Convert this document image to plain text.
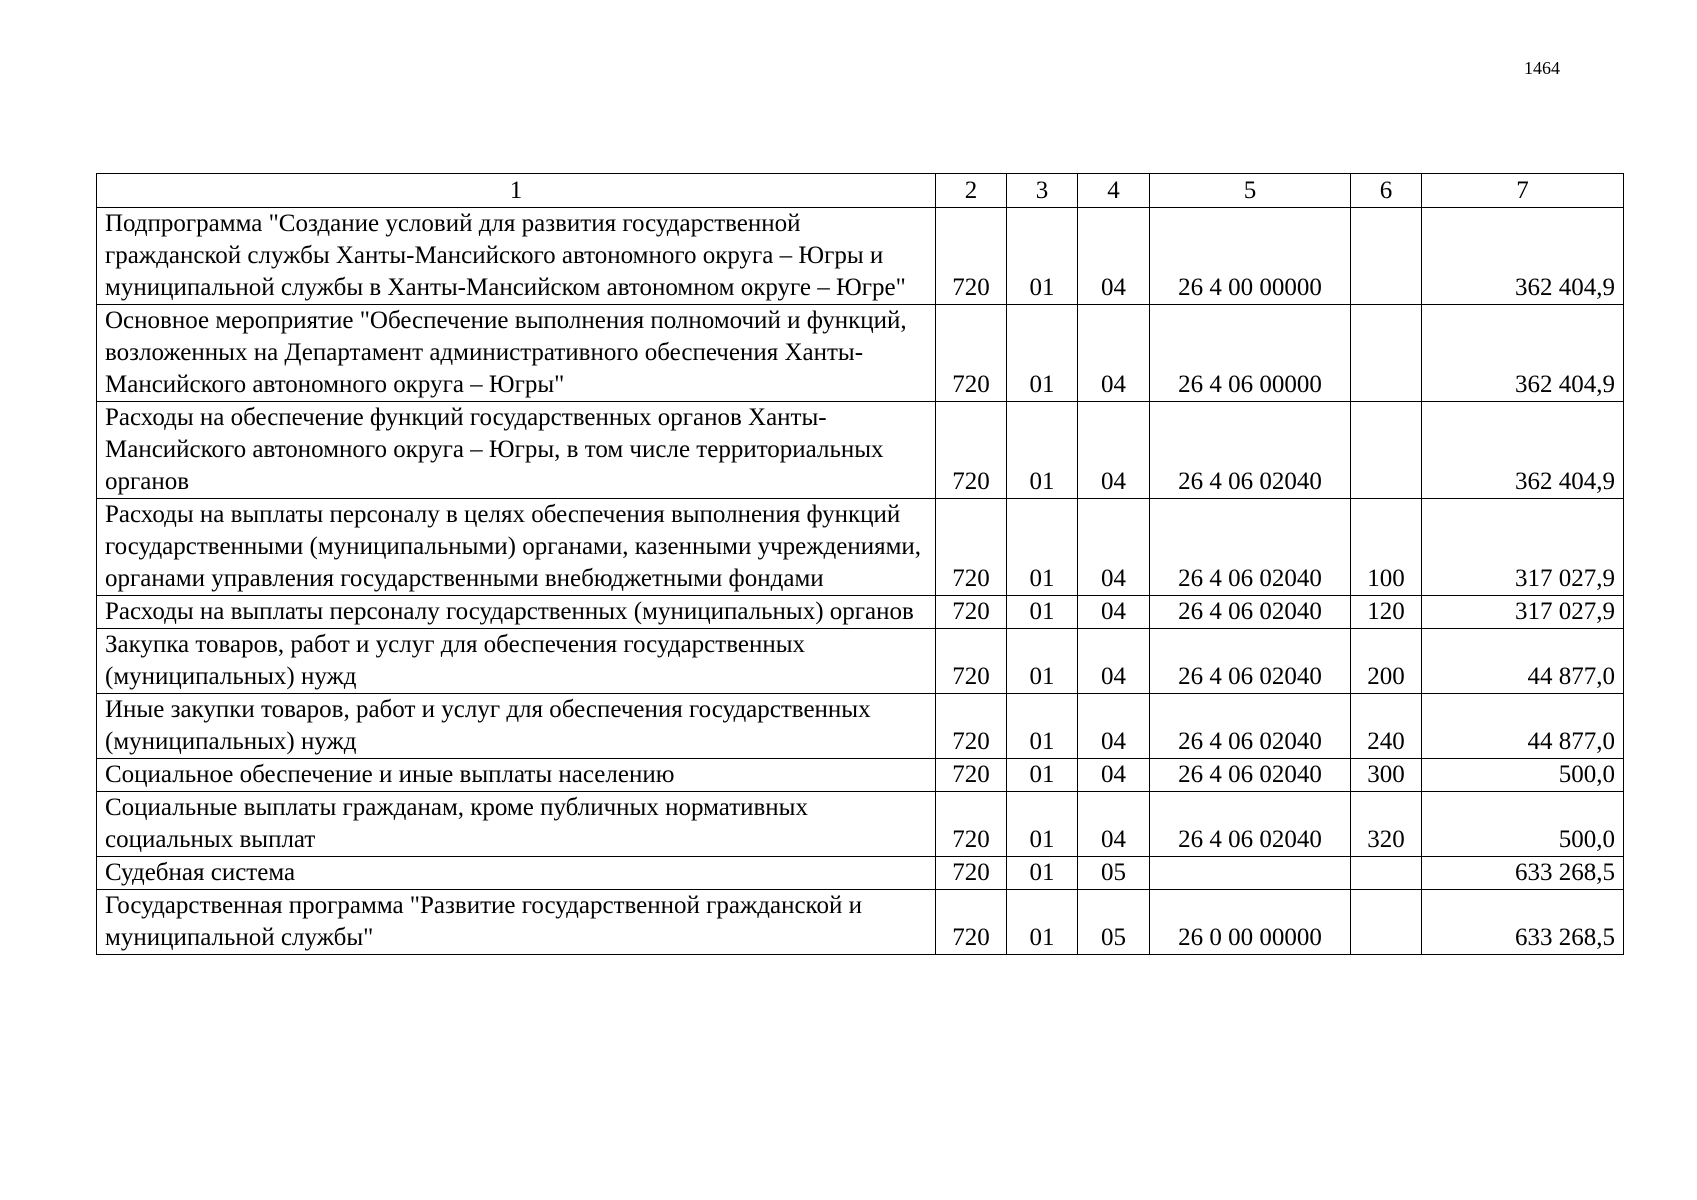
1464
1	2	3	4	5	6	7
Подпрограмма "Создание условий для развития государственной гражданской службы Ханты-Мансийского автономного округа – Югры и муниципальной службы в Ханты-Мансийском автономном округе – Югре"	720	01	04	26 4 00 00000		362 404,9
Основное мероприятие "Обеспечение выполнения полномочий и функций, возложенных на Департамент административного обеспечения Ханты-Мансийского автономного округа – Югры"	720	01	04	26 4 06 00000		362 404,9
Расходы на обеспечение функций государственных органов Ханты-Мансийского автономного округа – Югры, в том числе территориальных органов	720	01	04	26 4 06 02040		362 404,9
Расходы на выплаты персоналу в целях обеспечения выполнения функций государственными (муниципальными) органами, казенными учреждениями, органами управления государственными внебюджетными фондами	720	01	04	26 4 06 02040	100	317 027,9
Расходы на выплаты персоналу государственных (муниципальных) органов	720	01	04	26 4 06 02040	120	317 027,9
Закупка товаров, работ и услуг для обеспечения государственных (муниципальных) нужд	720	01	04	26 4 06 02040	200	44 877,0
Иные закупки товаров, работ и услуг для обеспечения государственных (муниципальных) нужд	720	01	04	26 4 06 02040	240	44 877,0
Социальное обеспечение и иные выплаты населению	720	01	04	26 4 06 02040	300	500,0
Социальные выплаты гражданам, кроме публичных нормативных социальных выплат	720	01	04	26 4 06 02040	320	500,0
Судебная система	720	01	05			633 268,5
Государственная программа "Развитие государственной гражданской и муниципальной службы"	720	01	05	26 0 00 00000		633 268,5
